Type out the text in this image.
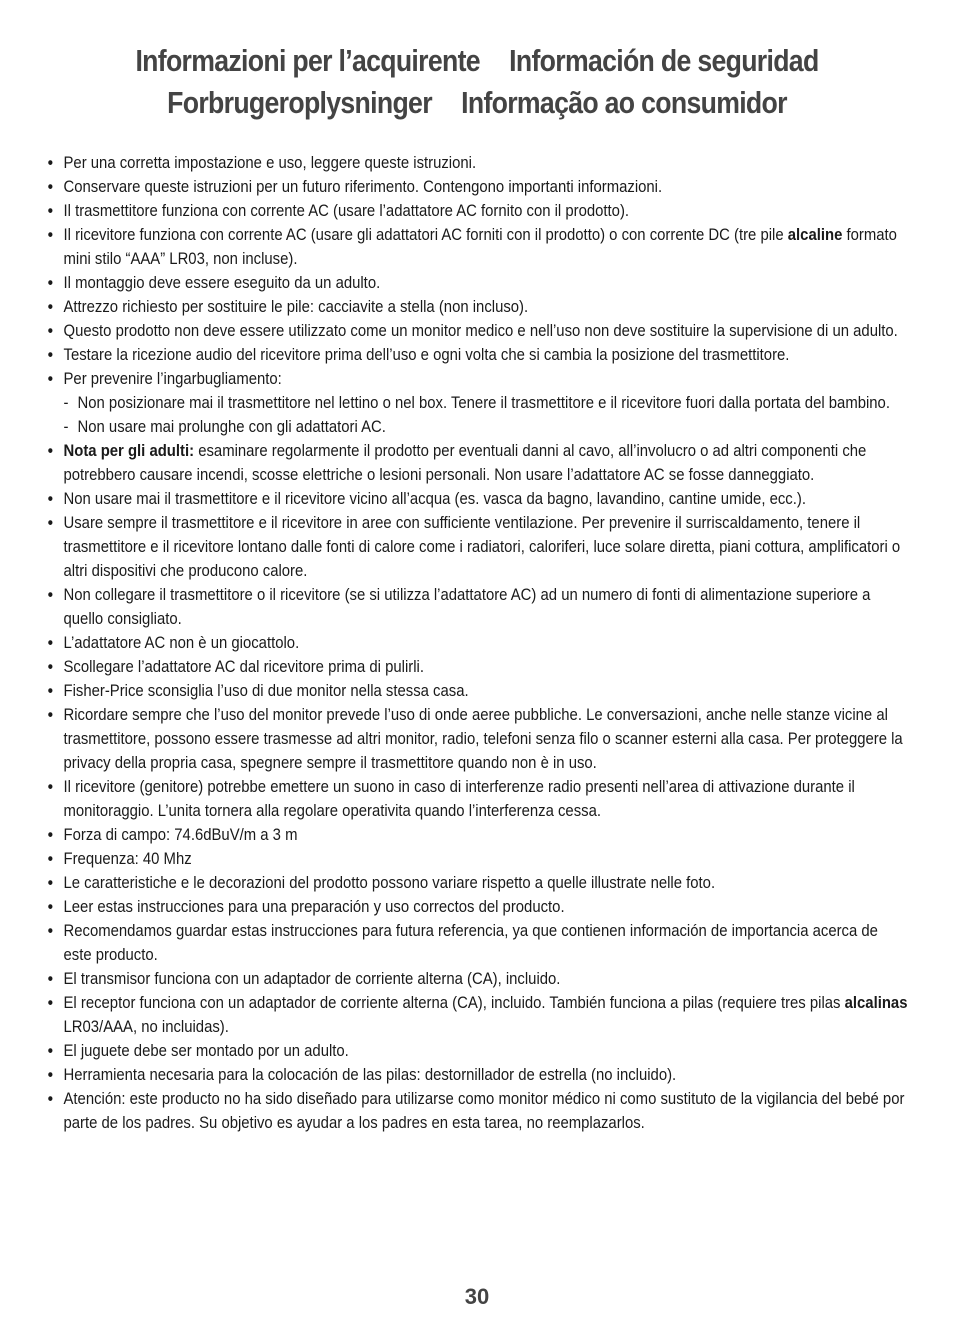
Informazioni per l’acquirente Información de seguridad
Forbrugeroplysninger Informação ao consumidor
• Per una corretta impostazione e uso, leggere queste istruzioni.
• Conservare queste istruzioni per un futuro riferimento. Contengono importanti informazioni.
• Il trasmettitore funziona con corrente AC (usare l’adattatore AC fornito con il prodotto).
• Il ricevitore funziona con corrente AC (usare gli adattatori AC forniti con il prodotto) o con corrente DC (tre pile alcaline formato mini stilo “AAA” LR03, non incluse).
• Il montaggio deve essere eseguito da un adulto.
• Attrezzo richiesto per sostituire le pile: cacciavite a stella (non incluso).
• Questo prodotto non deve essere utilizzato come un monitor medico e nell’uso non deve sostituire la supervisione di un adulto.
• Testare la ricezione audio del ricevitore prima dell’uso e ogni volta che si cambia la posizione del trasmettitore.
• Per prevenire l’ingarbugliamento:
- Non posizionare mai il trasmettitore nel lettino o nel box. Tenere il trasmettitore e il ricevitore fuori dalla portata del bambino.
- Non usare mai prolunghe con gli adattatori AC.
• Nota per gli adulti: esaminare regolarmente il prodotto per eventuali danni al cavo, all’involucro o ad altri componenti che potrebbero causare incendi, scosse elettriche o lesioni personali. Non usare l’adattatore AC se fosse danneggiato.
• Non usare mai il trasmettitore e il ricevitore vicino all’acqua (es. vasca da bagno, lavandino, cantine umide, ecc.).
• Usare sempre il trasmettitore e il ricevitore in aree con sufficiente ventilazione. Per prevenire il surriscaldamento, tenere il trasmettitore e il ricevitore lontano dalle fonti di calore come i radiatori, caloriferi, luce solare diretta, piani cottura, amplificatori o altri dispositivi che producono calore.
• Non collegare il trasmettitore o il ricevitore (se si utilizza l’adattatore AC) ad un numero di fonti di alimentazione superiore a quello consigliato.
• L’adattatore AC non è un giocattolo.
• Scollegare l’adattatore AC dal ricevitore prima di pulirli.
• Fisher-Price sconsiglia l’uso di due monitor nella stessa casa.
• Ricordare sempre che l’uso del monitor prevede l’uso di onde aeree pubbliche. Le conversazioni, anche nelle stanze vicine al trasmettitore, possono essere trasmesse ad altri monitor, radio, telefoni senza filo o scanner esterni alla casa. Per proteggere la privacy della propria casa, spegnere sempre il trasmettitore quando non è in uso.
• Il ricevitore (genitore) potrebbe emettere un suono in caso di interferenze radio presenti nell’area di attivazione durante il monitoraggio. L’unita tornera alla regolare operativita quando l’interferenza cessa.
• Forza di campo: 74.6dBuV/m a 3 m
• Frequenza: 40 Mhz
• Le caratteristiche e le decorazioni del prodotto possono variare rispetto a quelle illustrate nelle foto.
• Leer estas instrucciones para una preparación y uso correctos del producto.
• Recomendamos guardar estas instrucciones para futura referencia, ya que contienen información de importancia acerca de este producto.
• El transmisor funciona con un adaptador de corriente alterna (CA), incluido.
• El receptor funciona con un adaptador de corriente alterna (CA), incluido. También funciona a pilas (requiere tres pilas alcalinas LR03/AAA, no incluidas).
• El juguete debe ser montado por un adulto.
• Herramienta necesaria para la colocación de las pilas: destornillador de estrella (no incluido).
• Atención: este producto no ha sido diseñado para utilizarse como monitor médico ni como sustituto de la vigilancia del bebé por parte de los padres. Su objetivo es ayudar a los padres en esta tarea, no reemplazarlos.
30
